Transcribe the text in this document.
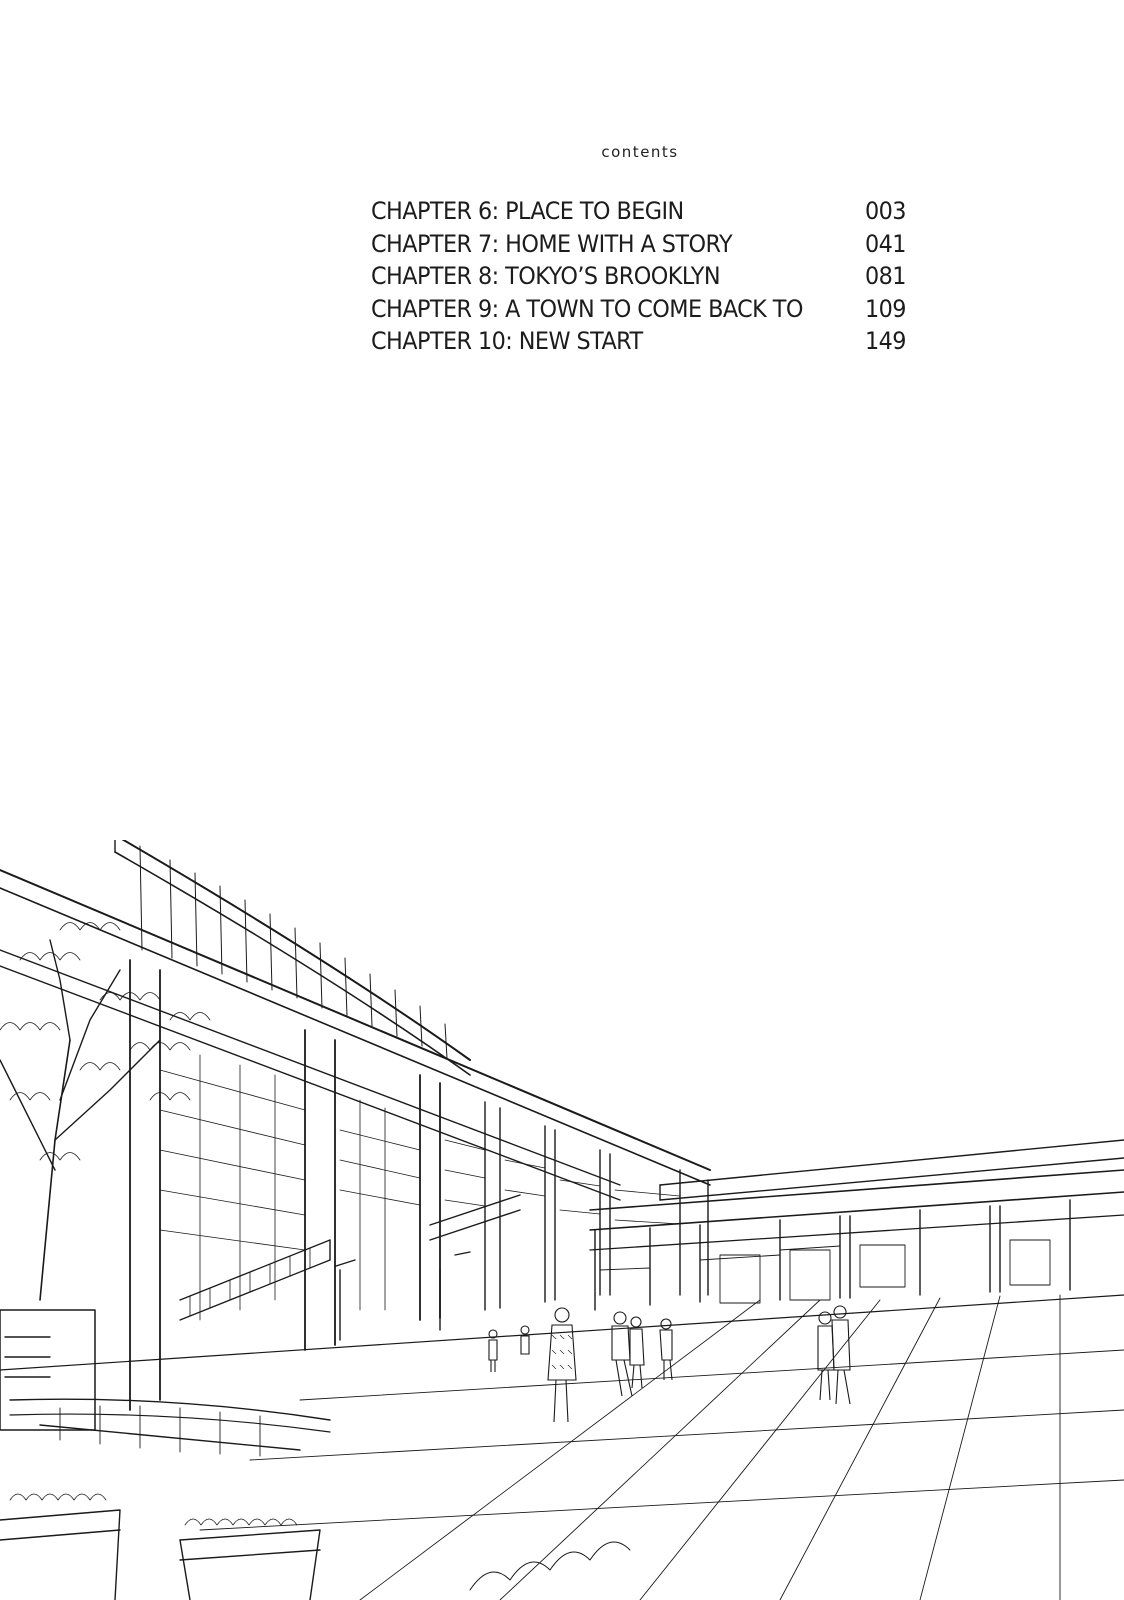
contents
CHAPTER 6: PLACE TO BEGIN	003
CHAPTER 7: HOME WITH A STORY	041
CHAPTER 8: TOKYO’S BROOKLYN	081
CHAPTER 9: A TOWN TO COME BACK TO	109
CHAPTER 10: NEW START	149
